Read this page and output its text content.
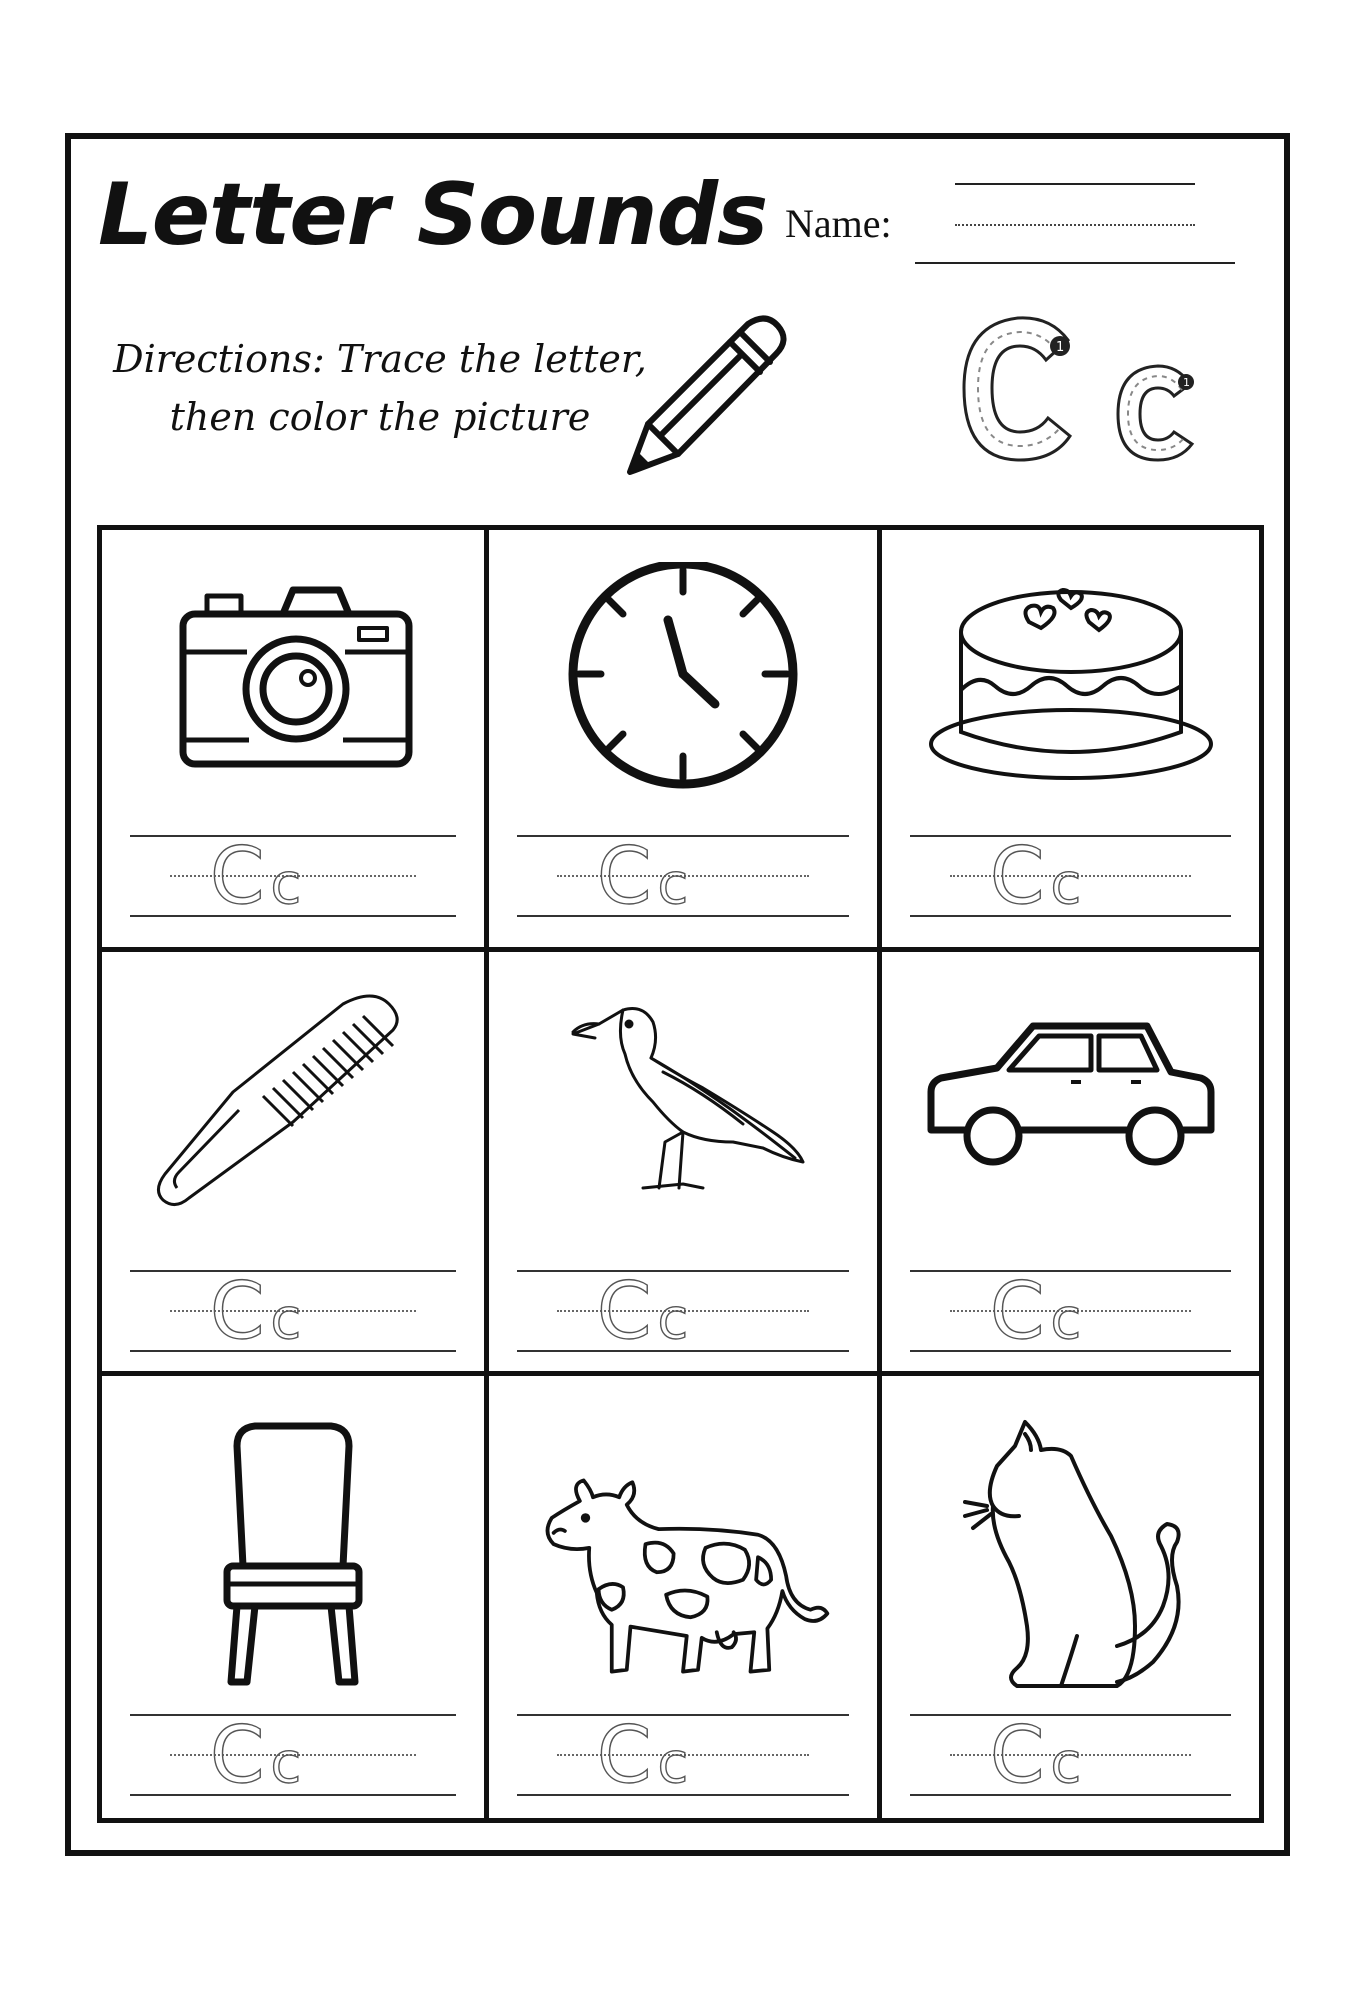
Letter Sounds Name:
Directions: Trace the letter,
then color the picture
1
1
Cc	Cc	Cc
Cc	Cc	Cc
Cc	Cc	Cc
